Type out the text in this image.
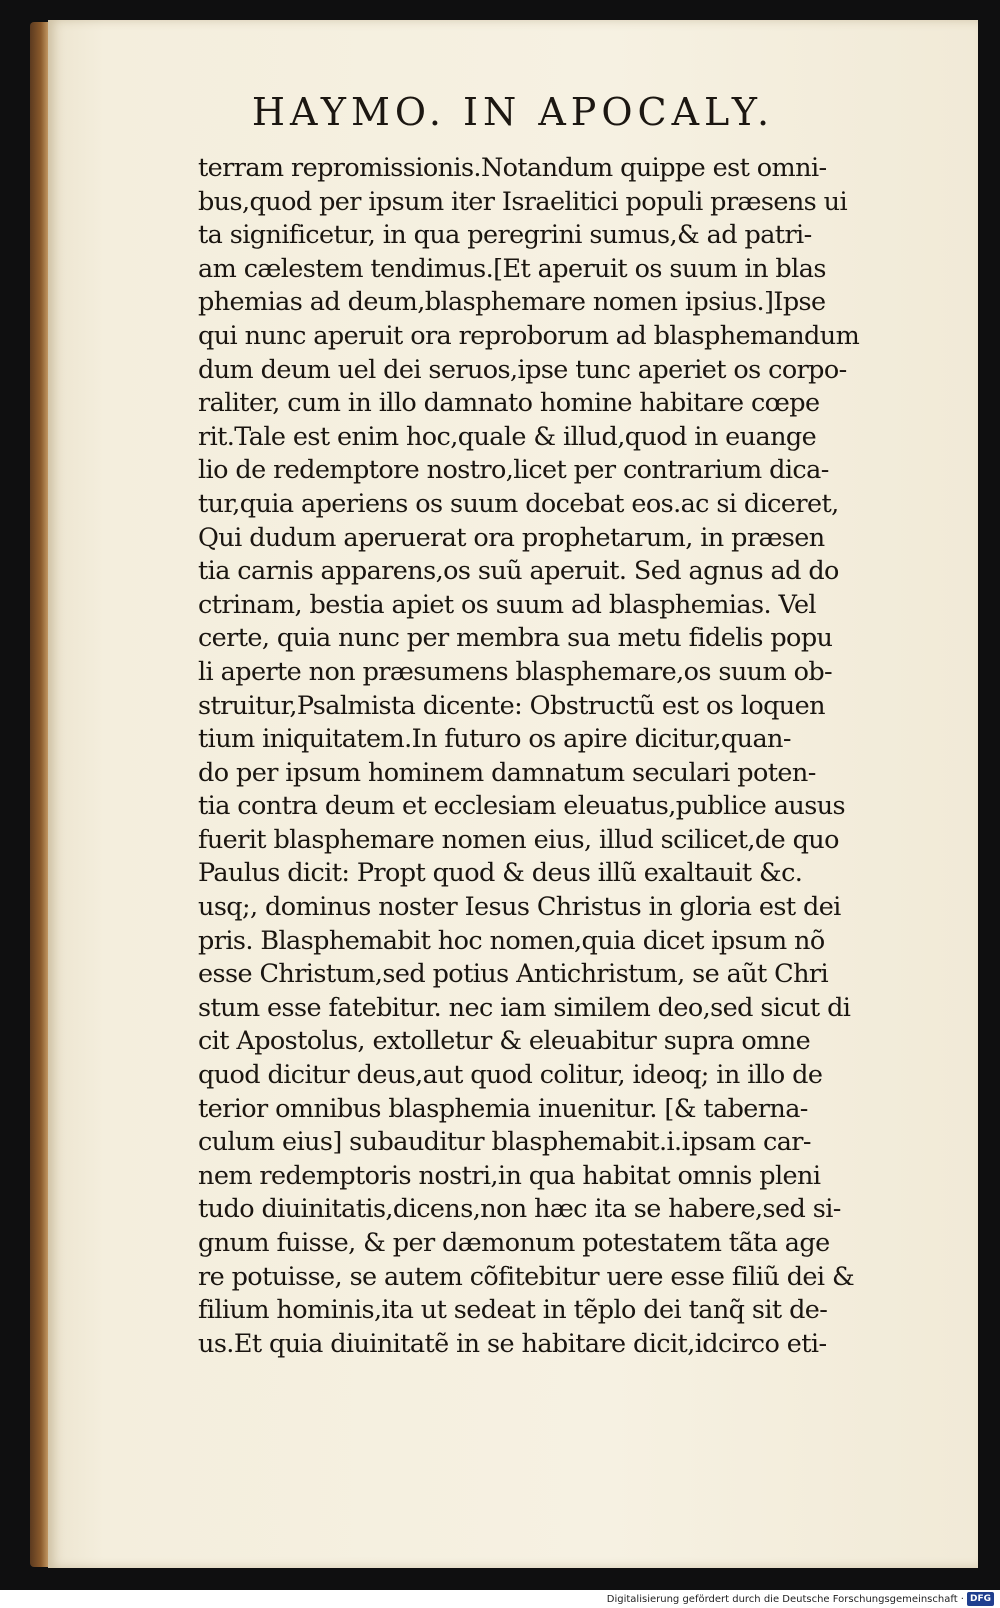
HAYMO. IN APOCALY.
terram repromissionis.Notandum quippe est omni-
bus,quod per ipsum iter Israelitici populi præsens ui
ta significetur, in qua peregrini sumus,& ad patri-
am cælestem tendimus.[Et aperuit os suum in blas
phemias ad deum,blasphemare nomen ipsius.]Ipse
qui nunc aperuit ora reproborum ad blasphemandum
dum deum uel dei seruos,ipse tunc aperiet os corpo-
raliter, cum in illo damnato homine habitare cœpe
rit.Tale est enim hoc,quale & illud,quod in euange
lio de redemptore nostro,licet per contrarium dica-
tur,quia aperiens os suum docebat eos.ac si diceret,
Qui dudum aperuerat ora prophetarum, in præsen
tia carnis apparens,os suũ aperuit. Sed agnus ad do
ctrinam, bestia apiet os suum ad blasphemias. Vel
certe, quia nunc per membra sua metu fidelis popu
li aperte non præsumens blasphemare,os suum ob-
struitur,Psalmista dicente: Obstructũ est os loquen
tium iniquitatem.In futuro os apire dicitur,quan-
do per ipsum hominem damnatum seculari poten-
tia contra deum et ecclesiam eleuatus,publice ausus
fuerit blasphemare nomen eius, illud scilicet,de quo
Paulus dicit: Propt quod & deus illũ exaltauit &c.
usq;, dominus noster Iesus Christus in gloria est dei
pris. Blasphemabit hoc nomen,quia dicet ipsum nõ
esse Christum,sed potius Antichristum, se aũt Chri
stum esse fatebitur. nec iam similem deo,sed sicut di
cit Apostolus, extolletur & eleuabitur supra omne
quod dicitur deus,aut quod colitur, ideoq; in illo de
terior omnibus blasphemia inuenitur. [& taberna-
culum eius] subauditur blasphemabit.i.ipsam car-
nem redemptoris nostri,in qua habitat omnis pleni
tudo diuinitatis,dicens,non hæc ita se habere,sed si-
gnum fuisse, & per dæmonum potestatem tãta age
re potuisse, se autem cõfitebitur uere esse filiũ dei &
filium hominis,ita ut sedeat in tẽplo dei tanq̃ sit de-
us.Et quia diuinitatẽ in se habitare dicit,idcirco eti-
Digitalisierung gefördert durch die Deutsche Forschungsgemeinschaft · DFG
